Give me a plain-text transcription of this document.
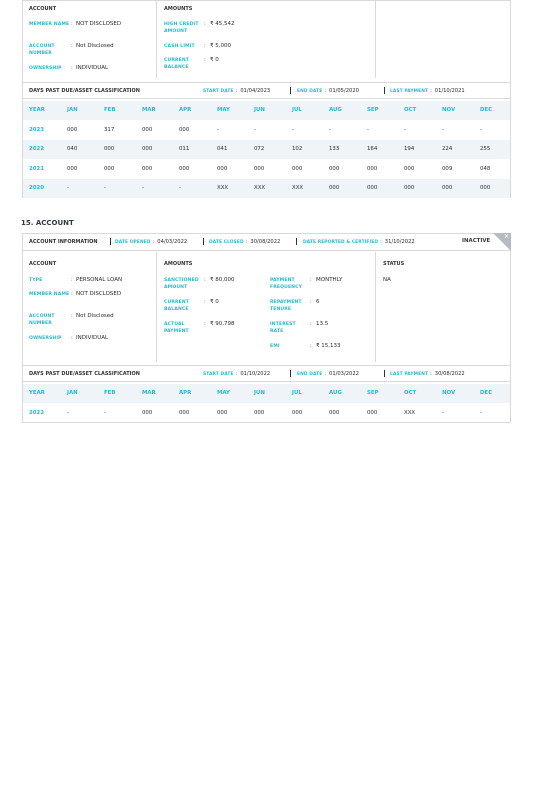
ACCOUNT
MEMBER NAME : NOT DISCLOSED
ACCOUNT NUMBER
: Not Disclosed
OWNERSHIP	: INDIVIDUAL
AMOUNTS
HIGH CREDIT AMOUNT
: ₹ 45,542
CASH LIMIT	: ₹ 5,000
CURRENT BALANCE
: ₹ 0
DAYS PAST DUE/ASSET CLASSIFICATION	START DATE : 01/04/2023	END DATE : 01/05/2020	LAST PAYMENT : 01/10/2021
YEAR	JAN	FEB	MAR	APR	MAY	JUN	JUL	AUG	SEP	OCT	NOV	DEC
2023	000	317	000	000	-	-	-	-	-	-	-	-
2022	040	000	000	011	041	072	102	133	164	194	224	255
2021	000	000	000	000	000	000	000	000	000	000	009	048
2020	-	-	-	-	XXX	XXX	XXX	000	000	000	000	000
15. ACCOUNT
ACCOUNT INFORMATION	DATE OPENED : 04/03/2022	DATE CLOSED : 30/08/2022	DATE REPORTED & CERTIFIED : 31/10/2022	INACTIVE
×
ACCOUNT
TYPE	: PERSONAL LOAN
MEMBER NAME : NOT DISCLOSED
ACCOUNT NUMBER
: Not Disclosed
OWNERSHIP	: INDIVIDUAL
AMOUNTS
SANCTIONED AMOUNT
: ₹ 80,000
CURRENT BALANCE
: ₹ 0
ACTUAL PAYMENT
: ₹ 90,798
PAYMENT FREQUENCY
: MONTHLY
REPAYMENT TENURE
: 6
INTEREST RATE
: 13.5
EMI	: ₹ 15,133
STATUS
NA
DAYS PAST DUE/ASSET CLASSIFICATION	START DATE : 01/10/2022	END DATE : 01/03/2022	LAST PAYMENT : 30/08/2022
YEAR	JAN	FEB	MAR	APR	MAY	JUN	JUL	AUG	SEP	OCT	NOV	DEC
2022	-	-	000	000	000	000	000	000	000	XXX	-	-
